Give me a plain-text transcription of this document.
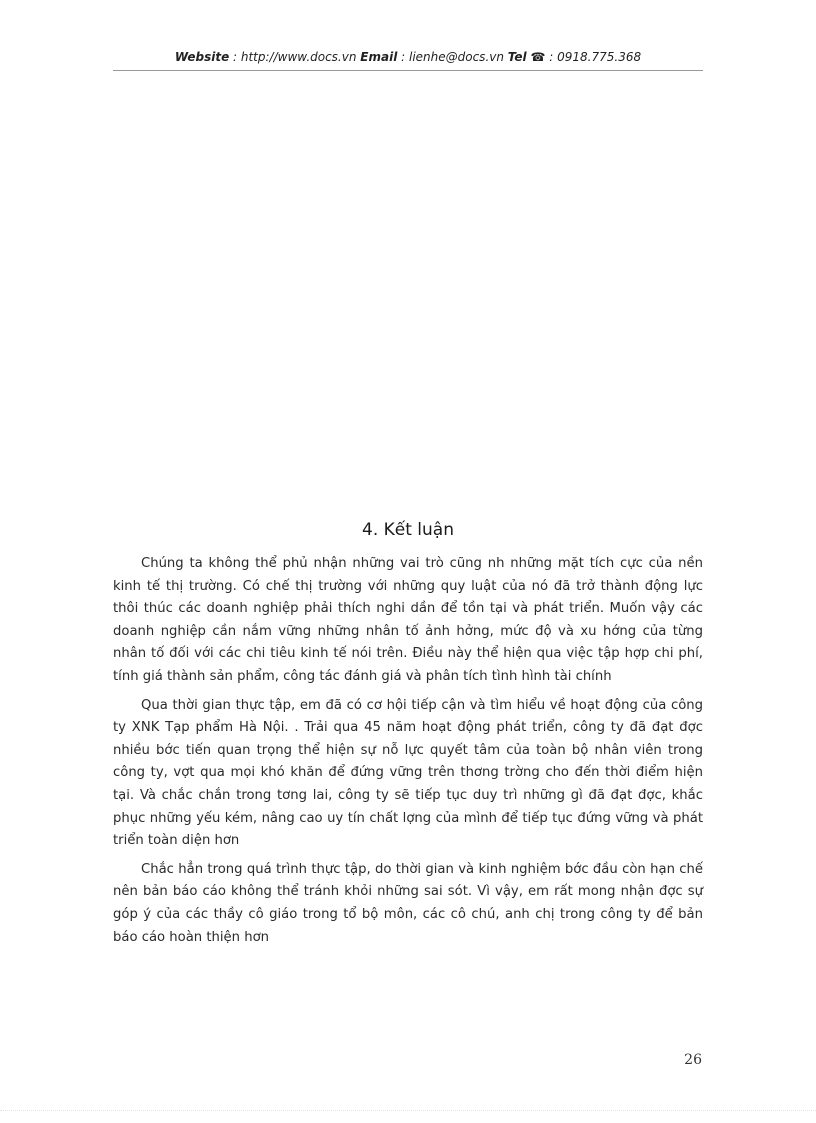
Website : http://www.docs.vn Email : lienhe@docs.vn Tel ☎ : 0918.775.368
4. Kết luận

Chúng ta không thể phủ nhận những vai trò cũng nh những mặt tích cực của nền kinh tế thị trường. Có chế thị trường với những quy luật của nó đã trở thành động lực thôi thúc các doanh nghiệp phải thích nghi dần để tồn tại và phát triển. Muốn vậy các doanh nghiệp cần nắm vững những nhân tố ảnh hởng, mức độ và xu hớng của từng nhân tố đối với các chi tiêu kinh tế nói trên. Điều này thể hiện qua việc tập hợp chi phí, tính giá thành sản phẩm, công tác đánh giá và phân tích tình hình tài chính

Qua thời gian thực tập, em đã có cơ hội tiếp cận và tìm hiểu về hoạt động của công ty XNK Tạp phẩm Hà Nội. . Trải qua 45 năm hoạt động phát triển, công ty đã đạt đợc nhiều bớc tiến quan trọng thể hiện sự nỗ lực quyết tâm của toàn bộ nhân viên trong công ty, vợt qua mọi khó khăn để đứng vững trên thơng trờng cho đến thời điểm hiện tại. Và chắc chắn trong tơng lai, công ty sẽ tiếp tục duy trì những gì đã đạt đợc, khắc phục những yếu kém, nâng cao uy tín chất lợng của mình để tiếp tục đứng vững và phát triển toàn diện hơn

Chắc hẳn trong quá trình thực tập, do thời gian và kinh nghiệm bớc đầu còn hạn chế nên bản báo cáo không thể tránh khỏi những sai sót. Vì vậy, em rất mong nhận đợc sự góp ý của các thầy cô giáo trong tổ bộ môn, các cô chú, anh chị trong công ty để bản báo cáo hoàn thiện hơn

26
